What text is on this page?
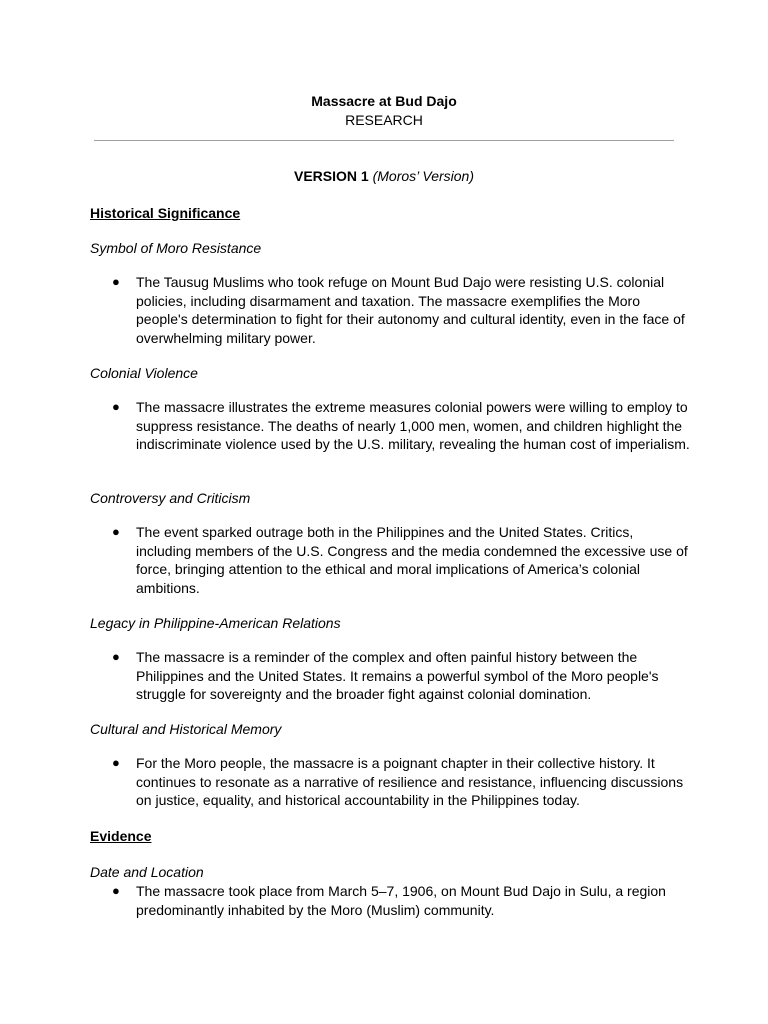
Massacre at Bud Dajo
RESEARCH
VERSION 1 (Moros’ Version)
Historical Significance
Symbol of Moro Resistance
●	The Tausug Muslims who took refuge on Mount Bud Dajo were resisting U.S. colonial policies, including disarmament and taxation. The massacre exemplifies the Moro people's determination to fight for their autonomy and cultural identity, even in the face of overwhelming military power.
Colonial Violence
●	The massacre illustrates the extreme measures colonial powers were willing to employ to suppress resistance. The deaths of nearly 1,000 men, women, and children highlight the indiscriminate violence used by the U.S. military, revealing the human cost of imperialism.
Controversy and Criticism
●	The event sparked outrage both in the Philippines and the United States. Critics, including members of the U.S. Congress and the media condemned the excessive use of force, bringing attention to the ethical and moral implications of America’s colonial ambitions.
Legacy in Philippine-American Relations
●	The massacre is a reminder of the complex and often painful history between the Philippines and the United States. It remains a powerful symbol of the Moro people's struggle for sovereignty and the broader fight against colonial domination.
Cultural and Historical Memory
●	For the Moro people, the massacre is a poignant chapter in their collective history. It continues to resonate as a narrative of resilience and resistance, influencing discussions on justice, equality, and historical accountability in the Philippines today.
Evidence
Date and Location
●	The massacre took place from March 5–7, 1906, on Mount Bud Dajo in Sulu, a region predominantly inhabited by the Moro (Muslim) community.
